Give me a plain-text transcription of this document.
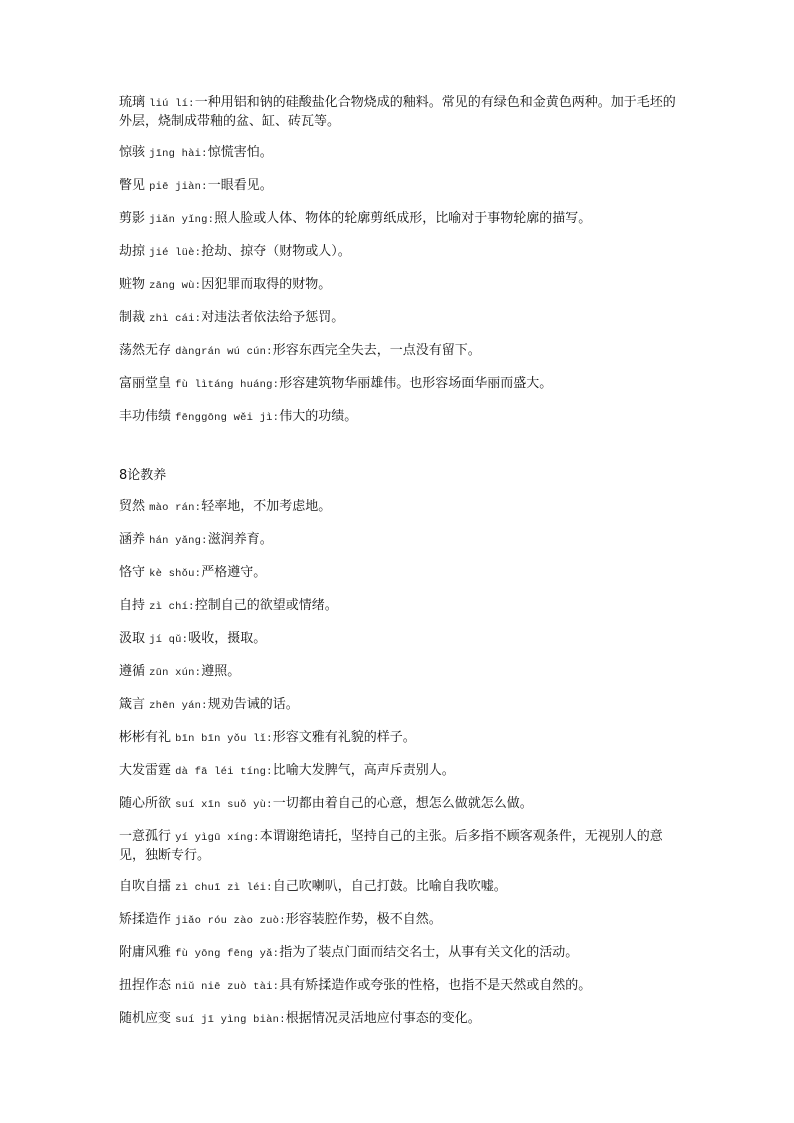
琉璃 liú lí:一种用铝和钠的硅酸盐化合物烧成的釉料。常见的有绿色和金黄色两种。加于毛坯的外层，烧制成带釉的盆、缸、砖瓦等。
惊骇 jīng hài:惊慌害怕。
瞥见 piē jiàn:一眼看见。
剪影 jiǎn yǐng:照人脸或人体、物体的轮廓剪纸成形，比喻对于事物轮廓的描写。
劫掠 jié lüè:抢劫、掠夺（财物或人）。
赃物 zāng wù:因犯罪而取得的财物。
制裁 zhì cái:对违法者依法给予惩罚。
荡然无存 dàngrán wú cún:形容东西完全失去，一点没有留下。
富丽堂皇 fù lìtáng huáng:形容建筑物华丽雄伟。也形容场面华丽而盛大。
丰功伟绩 fēnggōng wěi jì:伟大的功绩。
8论教养
贸然 mào rán:轻率地，不加考虑地。
涵养 hán yǎng:滋润养育。
恪守 kè shǒu:严格遵守。
自持 zì chí:控制自己的欲望或情绪。
汲取 jí qǔ:吸收，摄取。
遵循 zūn xún:遵照。
箴言 zhēn yán:规劝告诫的话。
彬彬有礼 bīn bīn yǒu lǐ:形容文雅有礼貌的样子。
大发雷霆 dà fā léi tíng:比喻大发脾气，高声斥责别人。
随心所欲 suí xīn suǒ yù:一切都由着自己的心意，想怎么做就怎么做。
一意孤行 yí yìgū xíng:本谓谢绝请托，坚持自己的主张。后多指不顾客观条件，无视别人的意见，独断专行。
自吹自擂 zì chuī zì léi:自己吹喇叭，自己打鼓。比喻自我吹嘘。
矫揉造作 jiǎo róu zào zuò:形容装腔作势，极不自然。
附庸风雅 fù yōng fēng yǎ:指为了装点门面而结交名士，从事有关文化的活动。
扭捏作态 niǔ niē zuò tài:具有矫揉造作或夸张的性格，也指不是天然或自然的。
随机应变 suí jī yìng biàn:根据情况灵活地应付事态的变化。
